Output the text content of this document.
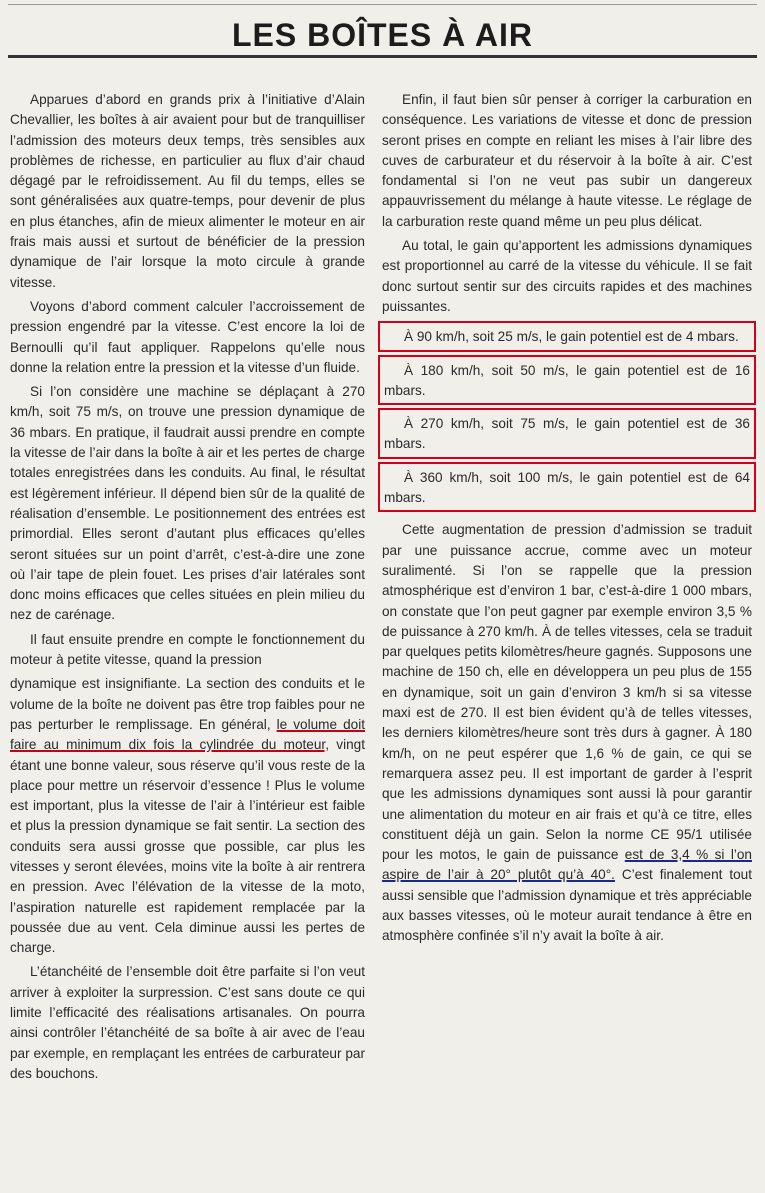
LES BOÎTES À AIR

Apparues d’abord en grands prix à l’initiative d’Alain Chevallier, les boîtes à air avaient pour but de tranquilliser l’admission des moteurs deux temps, très sensibles aux problèmes de richesse, en particulier au flux d’air chaud dégagé par le refroidissement. Au fil du temps, elles se sont généralisées aux quatre-temps, pour devenir de plus en plus étanches, afin de mieux alimenter le moteur en air frais mais aussi et surtout de bénéficier de la pression dynamique de l’air lorsque la moto circule à grande vitesse.

Voyons d’abord comment calculer l’accroissement de pression engendré par la vitesse. C’est encore la loi de Bernoulli qu’il faut appliquer. Rappelons qu’elle nous donne la relation entre la pression et la vitesse d’un fluide.

Si l’on considère une machine se déplaçant à 270 km/h, soit 75 m/s, on trouve une pression dynamique de 36 mbars. En pratique, il faudrait aussi prendre en compte la vitesse de l’air dans la boîte à air et les pertes de charge totales enregistrées dans les conduits. Au final, le résultat est légèrement inférieur. Il dépend bien sûr de la qualité de réalisation d’ensemble. Le positionnement des entrées est primordial. Elles seront d’autant plus efficaces qu’elles seront situées sur un point d’arrêt, c’est-à-dire une zone où l’air tape de plein fouet. Les prises d’air latérales sont donc moins efficaces que celles situées en plein milieu du nez de carénage.

Il faut ensuite prendre en compte le fonctionnement du moteur à petite vitesse, quand la pression

dynamique est insignifiante. La section des conduits et le volume de la boîte ne doivent pas être trop faibles pour ne pas perturber le remplissage. En général, le volume doit faire au minimum dix fois la cylindrée du moteur, vingt étant une bonne valeur, sous réserve qu’il vous reste de la place pour mettre un réservoir d’essence ! Plus le volume est important, plus la vitesse de l’air à l’intérieur est faible et plus la pression dynamique se fait sentir. La section des conduits sera aussi grosse que possible, car plus les vitesses y seront élevées, moins vite la boîte à air rentrera en pression. Avec l’élévation de la vitesse de la moto, l’aspiration naturelle est rapidement remplacée par la poussée due au vent. Cela diminue aussi les pertes de charge.

L’étanchéité de l’ensemble doit être parfaite si l’on veut arriver à exploiter la surpression. C’est sans doute ce qui limite l’efficacité des réalisations artisanales. On pourra ainsi contrôler l’étanchéité de sa boîte à air avec de l’eau par exemple, en remplaçant les entrées de carburateur par des bouchons.

Enfin, il faut bien sûr penser à corriger la carburation en conséquence. Les variations de vitesse et donc de pression seront prises en compte en reliant les mises à l’air libre des cuves de carburateur et du réservoir à la boîte à air. C’est fondamental si l’on ne veut pas subir un dangereux appauvrissement du mélange à haute vitesse. Le réglage de la carburation reste quand même un peu plus délicat.

Au total, le gain qu’apportent les admissions dynamiques est proportionnel au carré de la vitesse du véhicule. Il se fait donc surtout sentir sur des circuits rapides et des machines puissantes.

À 90 km/h, soit 25 m/s, le gain potentiel est de 4 mbars.

À 180 km/h, soit 50 m/s, le gain potentiel est de 16 mbars.

À 270 km/h, soit 75 m/s, le gain potentiel est de 36 mbars.

À 360 km/h, soit 100 m/s, le gain potentiel est de 64 mbars.

Cette augmentation de pression d’admission se traduit par une puissance accrue, comme avec un moteur suralimenté. Si l’on se rappelle que la pression atmosphérique est d’environ 1 bar, c’est-à-dire 1 000 mbars, on constate que l’on peut gagner par exemple environ 3,5 % de puissance à 270 km/h. À de telles vitesses, cela se traduit par quelques petits kilomètres/heure gagnés. Supposons une machine de 150 ch, elle en développera un peu plus de 155 en dynamique, soit un gain d’environ 3 km/h si sa vitesse maxi est de 270. Il est bien évident qu’à de telles vitesses, les derniers kilomètres/heure sont très durs à gagner. À 180 km/h, on ne peut espérer que 1,6 % de gain, ce qui se remarquera assez peu. Il est important de garder à l’esprit que les admissions dynamiques sont aussi là pour garantir une alimentation du moteur en air frais et qu’à ce titre, elles constituent déjà un gain. Selon la norme CE 95/1 utilisée pour les motos, le gain de puissance est de 3,4 % si l’on aspire de l’air à 20° plutôt qu’à 40°. C’est finalement tout aussi sensible que l’admission dynamique et très appréciable aux basses vitesses, où le moteur aurait tendance à être en atmosphère confinée s’il n’y avait la boîte à air.
